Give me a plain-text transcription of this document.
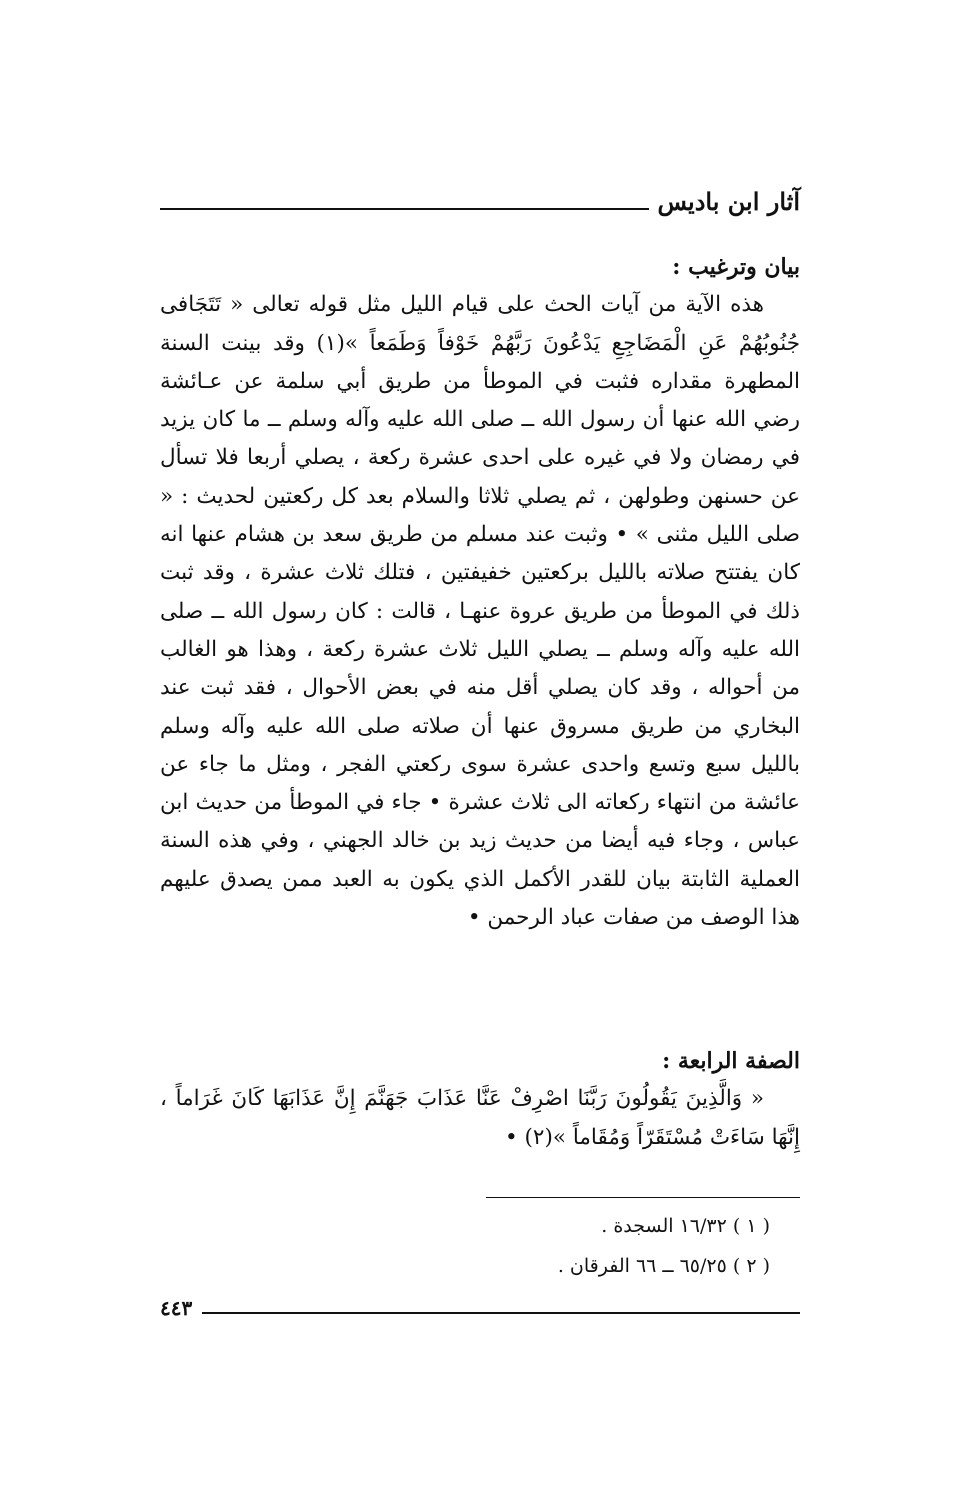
آثار ابن باديس

بيان وترغيب :

هذه الآية من آيات الحث على قيام الليل مثل قوله تعالى « تَتَجَافى جُنُوبُهُمْ عَنِ الْمَضَاجِعِ يَدْعُونَ رَبَّهُمْ خَوْفاً وَطَمَعاً »(١) وقد بينت السنة المطهرة مقداره فثبت في الموطأ من طريق أبي سلمة عن عـائشة رضي الله عنها أن رسول الله ــ صلى الله عليه وآله وسلم ــ ما كان يزيد في رمضان ولا في غيره على احدى عشرة ركعة ، يصلي أربعا فلا تسأل عن حسنهن وطولهن ، ثم يصلي ثلاثا والسلام بعد كل ركعتين لحديث : « صلى الليل مثنى » • وثبت عند مسلم من طريق سعد بن هشام عنها انه كان يفتتح صلاته بالليل بركعتين خفيفتين ، فتلك ثلاث عشرة ، وقد ثبت ذلك في الموطأ من طريق عروة عنهـا ، قالت : كان رسول الله ــ صلى الله عليه وآله وسلم ــ يصلي الليل ثلاث عشرة ركعة ، وهذا هو الغالب من أحواله ، وقد كان يصلي أقل منه في بعض الأحوال ، فقد ثبت عند البخاري من طريق مسروق عنها أن صلاته صلى الله عليه وآله وسلم بالليل سبع وتسع واحدى عشرة سوى ركعتي الفجر ، ومثل ما جاء عن عائشة من انتهاء ركعاته الى ثلاث عشرة • جاء في الموطأ من حديث ابن عباس ، وجاء فيه أيضا من حديث زيد بن خالد الجهني ، وفي هذه السنة العملية الثابتة بيان للقدر الأكمل الذي يكون به العبد ممن يصدق عليهم هذا الوصف من صفات عباد الرحمن •

الصفة الرابعة :

« وَالَّذِينَ يَقُولُونَ رَبَّنَا اصْرِفْ عَنَّا عَذَابَ جَهَنَّمَ إِنَّ عَذَابَهَا كَانَ غَرَاماً ، إِنَّهَا سَاءَتْ مُسْتَقَرّاً وَمُقَاماً »(٢) •

( ١ ) ١٦/٣٢ السجدة .

( ٢ ) ٦٥/٢٥ ــ ٦٦ الفرقان .

٤٤٣
